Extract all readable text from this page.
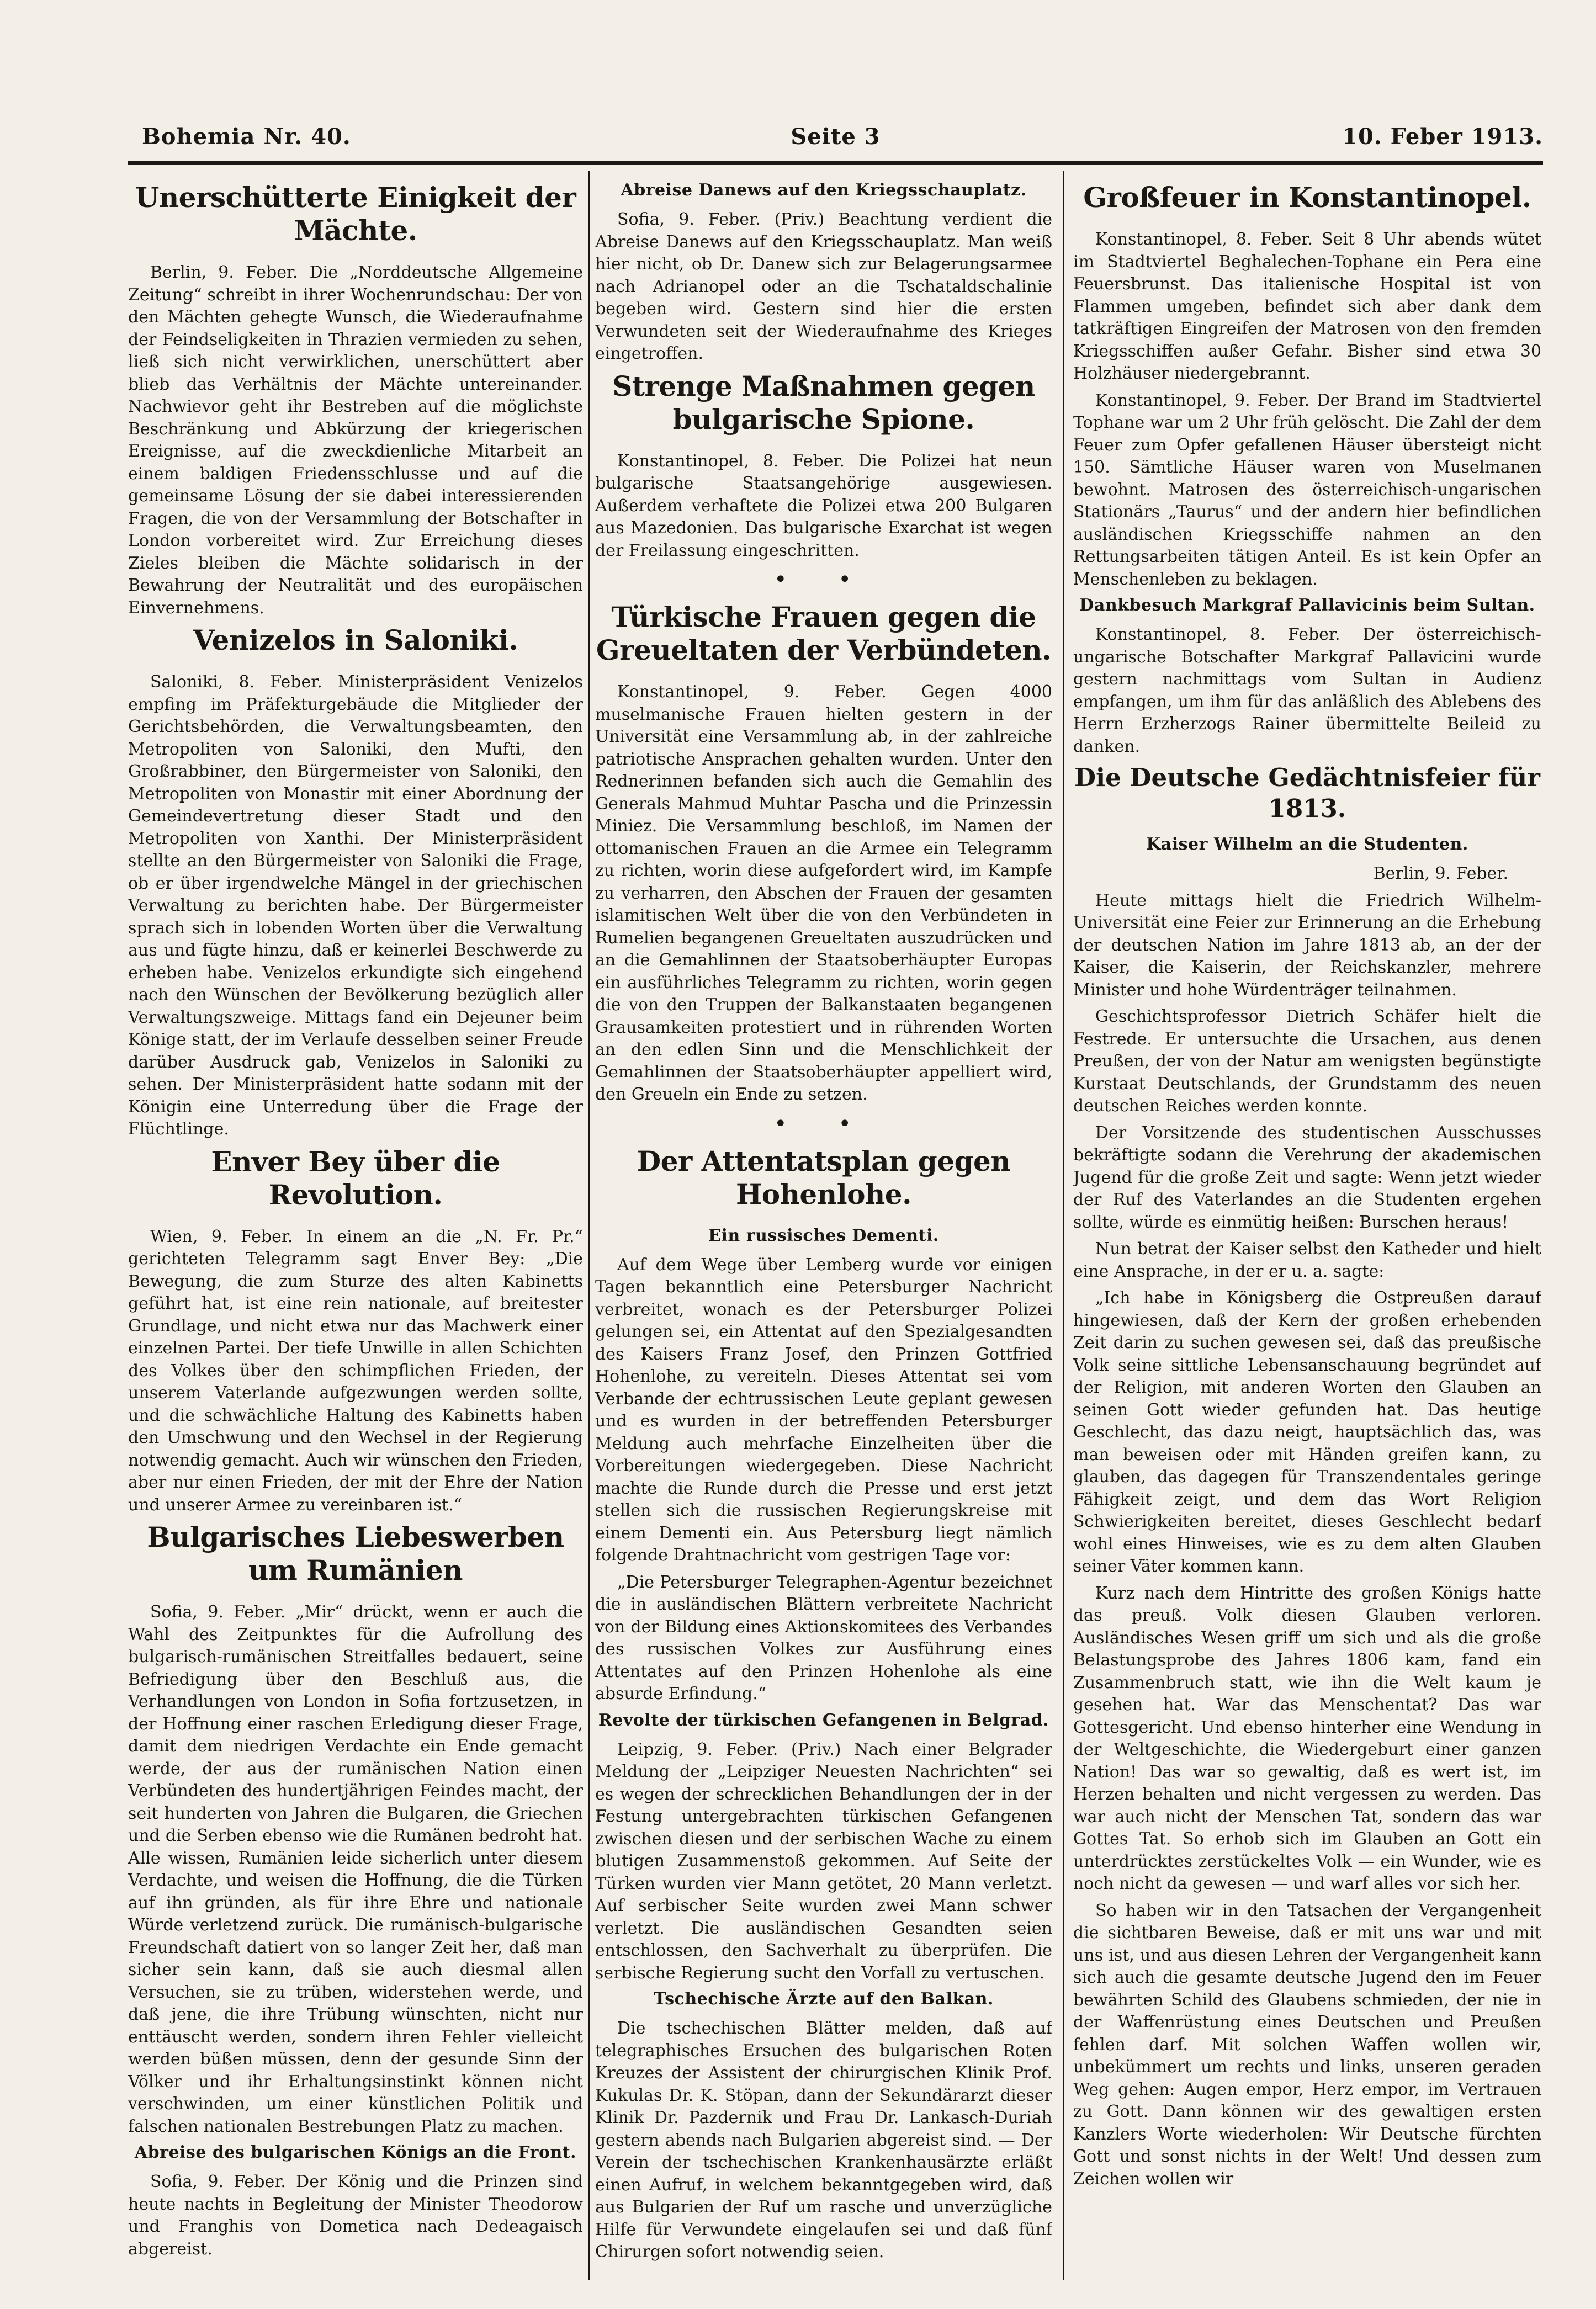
Bohemia Nr. 40.	Seite 3	10. Feber 1913.
Unerschütterte Einigkeit der Mächte.

Berlin, 9. Feber. Die „Norddeutsche Allgemeine Zeitung“ schreibt in ihrer Wochenrundschau: Der von den Mächten gehegte Wunsch, die Wiederaufnahme der Feindseligkeiten in Thrazien vermieden zu sehen, ließ sich nicht verwirklichen, unerschüttert aber blieb das Verhältnis der Mächte untereinander. Nachwievor geht ihr Bestreben auf die möglichste Beschränkung und Abkürzung der kriegerischen Ereignisse, auf die zweckdienliche Mitarbeit an einem baldigen Friedensschlusse und auf die gemeinsame Lösung der sie dabei interessierenden Fragen, die von der Versammlung der Botschafter in London vorbereitet wird. Zur Erreichung dieses Zieles bleiben die Mächte solidarisch in der Bewahrung der Neutralität und des europäischen Einvernehmens.

Venizelos in Saloniki.

Saloniki, 8. Feber. Ministerpräsident Venizelos empfing im Präfekturgebäude die Mitglieder der Gerichtsbehörden, die Verwaltungsbeamten, den Metropoliten von Saloniki, den Mufti, den Großrabbiner, den Bürgermeister von Saloniki, den Metropoliten von Monastir mit einer Abordnung der Gemeindevertretung dieser Stadt und den Metropoliten von Xanthi. Der Ministerpräsident stellte an den Bürgermeister von Saloniki die Frage, ob er über irgendwelche Mängel in der griechischen Verwaltung zu berichten habe. Der Bürgermeister sprach sich in lobenden Worten über die Verwaltung aus und fügte hinzu, daß er keinerlei Beschwerde zu erheben habe. Venizelos erkundigte sich eingehend nach den Wünschen der Bevölkerung bezüglich aller Verwaltungszweige. Mittags fand ein Dejeuner beim Könige statt, der im Verlaufe desselben seiner Freude darüber Ausdruck gab, Venizelos in Saloniki zu sehen. Der Ministerpräsident hatte sodann mit der Königin eine Unterredung über die Frage der Flüchtlinge.

Enver Bey über die Revolution.

Wien, 9. Feber. In einem an die „N. Fr. Pr.“ gerichteten Telegramm sagt Enver Bey: „Die Bewegung, die zum Sturze des alten Kabinetts geführt hat, ist eine rein nationale, auf breitester Grundlage, und nicht etwa nur das Machwerk einer einzelnen Partei. Der tiefe Unwille in allen Schichten des Volkes über den schimpflichen Frieden, der unserem Vaterlande aufgezwungen werden sollte, und die schwächliche Haltung des Kabinetts haben den Umschwung und den Wechsel in der Regierung notwendig gemacht. Auch wir wünschen den Frieden, aber nur einen Frieden, der mit der Ehre der Nation und unserer Armee zu vereinbaren ist.“

Bulgarisches Liebeswerben um Rumänien

Sofia, 9. Feber. „Mir“ drückt, wenn er auch die Wahl des Zeitpunktes für die Aufrollung des bulgarisch-rumänischen Streitfalles bedauert, seine Befriedigung über den Beschluß aus, die Verhandlungen von London in Sofia fortzusetzen, in der Hoffnung einer raschen Erledigung dieser Frage, damit dem niedrigen Verdachte ein Ende gemacht werde, der aus der rumänischen Nation einen Verbündeten des hundertjährigen Feindes macht, der seit hunderten von Jahren die Bulgaren, die Griechen und die Serben ebenso wie die Rumänen bedroht hat. Alle wissen, Rumänien leide sicherlich unter diesem Verdachte, und weisen die Hoffnung, die die Türken auf ihn gründen, als für ihre Ehre und nationale Würde verletzend zurück. Die rumänisch-bulgarische Freundschaft datiert von so langer Zeit her, daß man sicher sein kann, daß sie auch diesmal allen Versuchen, sie zu trüben, widerstehen werde, und daß jene, die ihre Trübung wünschten, nicht nur enttäuscht werden, sondern ihren Fehler vielleicht werden büßen müssen, denn der gesunde Sinn der Völker und ihr Erhaltungsinstinkt können nicht verschwinden, um einer künstlichen Politik und falschen nationalen Bestrebungen Platz zu machen.

Abreise des bulgarischen Königs an die Front.

Sofia, 9. Feber. Der König und die Prinzen sind heute nachts in Begleitung der Minister Theodorow und Franghis von Dometica nach Dedeagaisch abgereist.

Abreise Danews auf den Kriegsschauplatz.

Sofia, 9. Feber. (Priv.) Beachtung verdient die Abreise Danews auf den Kriegsschauplatz. Man weiß hier nicht, ob Dr. Danew sich zur Belagerungsarmee nach Adrianopel oder an die Tschataldschalinie begeben wird. Gestern sind hier die ersten Verwundeten seit der Wiederaufnahme des Krieges eingetroffen.

Strenge Maßnahmen gegen bulgarische Spione.

Konstantinopel, 8. Feber. Die Polizei hat neun bulgarische Staatsangehörige ausgewiesen. Außerdem verhaftete die Polizei etwa 200 Bulgaren aus Mazedonien. Das bulgarische Exarchat ist wegen der Freilassung eingeschritten.

• •
Türkische Frauen gegen die Greueltaten der Verbündeten.

Konstantinopel, 9. Feber. Gegen 4000 muselmanische Frauen hielten gestern in der Universität eine Versammlung ab, in der zahlreiche patriotische Ansprachen gehalten wurden. Unter den Rednerinnen befanden sich auch die Gemahlin des Generals Mahmud Muhtar Pascha und die Prinzessin Miniez. Die Versammlung beschloß, im Namen der ottomanischen Frauen an die Armee ein Telegramm zu richten, worin diese aufgefordert wird, im Kampfe zu verharren, den Abschen der Frauen der gesamten islamitischen Welt über die von den Verbündeten in Rumelien begangenen Greueltaten auszudrücken und an die Gemahlinnen der Staatsoberhäupter Europas ein ausführliches Telegramm zu richten, worin gegen die von den Truppen der Balkanstaaten begangenen Grausamkeiten protestiert und in rührenden Worten an den edlen Sinn und die Menschlichkeit der Gemahlinnen der Staatsoberhäupter appelliert wird, den Greueln ein Ende zu setzen.

• •
Der Attentatsplan gegen Hohenlohe.
Ein russisches Dementi.

Auf dem Wege über Lemberg wurde vor einigen Tagen bekanntlich eine Petersburger Nachricht verbreitet, wonach es der Petersburger Polizei gelungen sei, ein Attentat auf den Spezialgesandten des Kaisers Franz Josef, den Prinzen Gottfried Hohenlohe, zu vereiteln. Dieses Attentat sei vom Verbande der echtrussischen Leute geplant gewesen und es wurden in der betreffenden Petersburger Meldung auch mehrfache Einzelheiten über die Vorbereitungen wiedergegeben. Diese Nachricht machte die Runde durch die Presse und erst jetzt stellen sich die russischen Regierungskreise mit einem Dementi ein. Aus Petersburg liegt nämlich folgende Drahtnachricht vom gestrigen Tage vor:

„Die Petersburger Telegraphen-Agentur bezeichnet die in ausländischen Blättern verbreitete Nachricht von der Bildung eines Aktionskomitees des Verbandes des russischen Volkes zur Ausführung eines Attentates auf den Prinzen Hohenlohe als eine absurde Erfindung.“

Revolte der türkischen Gefangenen in Belgrad.

Leipzig, 9. Feber. (Priv.) Nach einer Belgrader Meldung der „Leipziger Neuesten Nachrichten“ sei es wegen der schrecklichen Behandlungen der in der Festung untergebrachten türkischen Gefangenen zwischen diesen und der serbischen Wache zu einem blutigen Zusammenstoß gekommen. Auf Seite der Türken wurden vier Mann getötet, 20 Mann verletzt. Auf serbischer Seite wurden zwei Mann schwer verletzt. Die ausländischen Gesandten seien entschlossen, den Sachverhalt zu überprüfen. Die serbische Regierung sucht den Vorfall zu vertuschen.

Tschechische Ärzte auf den Balkan.

Die tschechischen Blätter melden, daß auf telegraphisches Ersuchen des bulgarischen Roten Kreuzes der Assistent der chirurgischen Klinik Prof. Kukulas Dr. K. Stöpan, dann der Sekundärarzt dieser Klinik Dr. Pazdernik und Frau Dr. Lankasch-Duriah gestern abends nach Bulgarien abgereist sind. — Der Verein der tschechischen Krankenhausärzte erläßt einen Aufruf, in welchem bekanntgegeben wird, daß aus Bulgarien der Ruf um rasche und unverzügliche Hilfe für Verwundete eingelaufen sei und daß fünf Chirurgen sofort notwendig seien.

Großfeuer in Konstantinopel.

Konstantinopel, 8. Feber. Seit 8 Uhr abends wütet im Stadtviertel Beghalechen-Tophane ein Pera eine Feuersbrunst. Das italienische Hospital ist von Flammen umgeben, befindet sich aber dank dem tatkräftigen Eingreifen der Matrosen von den fremden Kriegsschiffen außer Gefahr. Bisher sind etwa 30 Holzhäuser niedergebrannt.

Konstantinopel, 9. Feber. Der Brand im Stadtviertel Tophane war um 2 Uhr früh gelöscht. Die Zahl der dem Feuer zum Opfer gefallenen Häuser übersteigt nicht 150. Sämtliche Häuser waren von Muselmanen bewohnt. Matrosen des österreichisch-ungarischen Stationärs „Taurus“ und der andern hier befindlichen ausländischen Kriegsschiffe nahmen an den Rettungsarbeiten tätigen Anteil. Es ist kein Opfer an Menschenleben zu beklagen.

Dankbesuch Markgraf Pallavicinis beim Sultan.

Konstantinopel, 8. Feber. Der österreichisch-ungarische Botschafter Markgraf Pallavicini wurde gestern nachmittags vom Sultan in Audienz empfangen, um ihm für das anläßlich des Ablebens des Herrn Erzherzogs Rainer übermittelte Beileid zu danken.

Die Deutsche Gedächtnisfeier für 1813.
Kaiser Wilhelm an die Studenten.

Berlin, 9. Feber.

Heute mittags hielt die Friedrich Wilhelm-Universität eine Feier zur Erinnerung an die Erhebung der deutschen Nation im Jahre 1813 ab, an der der Kaiser, die Kaiserin, der Reichskanzler, mehrere Minister und hohe Würdenträger teilnahmen.

Geschichtsprofessor Dietrich Schäfer hielt die Festrede. Er untersuchte die Ursachen, aus denen Preußen, der von der Natur am wenigsten begünstigte Kurstaat Deutschlands, der Grundstamm des neuen deutschen Reiches werden konnte.

Der Vorsitzende des studentischen Ausschusses bekräftigte sodann die Verehrung der akademischen Jugend für die große Zeit und sagte: Wenn jetzt wieder der Ruf des Vaterlandes an die Studenten ergehen sollte, würde es einmütig heißen: Burschen heraus!

Nun betrat der Kaiser selbst den Katheder und hielt eine Ansprache, in der er u. a. sagte:

„Ich habe in Königsberg die Ostpreußen darauf hingewiesen, daß der Kern der großen erhebenden Zeit darin zu suchen gewesen sei, daß das preußische Volk seine sittliche Lebensanschauung begründet auf der Religion, mit anderen Worten den Glauben an seinen Gott wieder gefunden hat. Das heutige Geschlecht, das dazu neigt, hauptsächlich das, was man beweisen oder mit Händen greifen kann, zu glauben, das dagegen für Transzendentales geringe Fähigkeit zeigt, und dem das Wort Religion Schwierigkeiten bereitet, dieses Geschlecht bedarf wohl eines Hinweises, wie es zu dem alten Glauben seiner Väter kommen kann.

Kurz nach dem Hintritte des großen Königs hatte das preuß. Volk diesen Glauben verloren. Ausländisches Wesen griff um sich und als die große Belastungsprobe des Jahres 1806 kam, fand ein Zusammenbruch statt, wie ihn die Welt kaum je gesehen hat. War das Menschentat? Das war Gottesgericht. Und ebenso hinterher eine Wendung in der Weltgeschichte, die Wiedergeburt einer ganzen Nation! Das war so gewaltig, daß es wert ist, im Herzen behalten und nicht vergessen zu werden. Das war auch nicht der Menschen Tat, sondern das war Gottes Tat. So erhob sich im Glauben an Gott ein unterdrücktes zerstückeltes Volk — ein Wunder, wie es noch nicht da gewesen — und warf alles vor sich her.

So haben wir in den Tatsachen der Vergangenheit die sichtbaren Beweise, daß er mit uns war und mit uns ist, und aus diesen Lehren der Vergangenheit kann sich auch die gesamte deutsche Jugend den im Feuer bewährten Schild des Glaubens schmieden, der nie in der Waffenrüstung eines Deutschen und Preußen fehlen darf. Mit solchen Waffen wollen wir, unbekümmert um rechts und links, unseren geraden Weg gehen: Augen empor, Herz empor, im Vertrauen zu Gott. Dann können wir des gewaltigen ersten Kanzlers Worte wiederholen: Wir Deutsche fürchten Gott und sonst nichts in der Welt! Und dessen zum Zeichen wollen wir
